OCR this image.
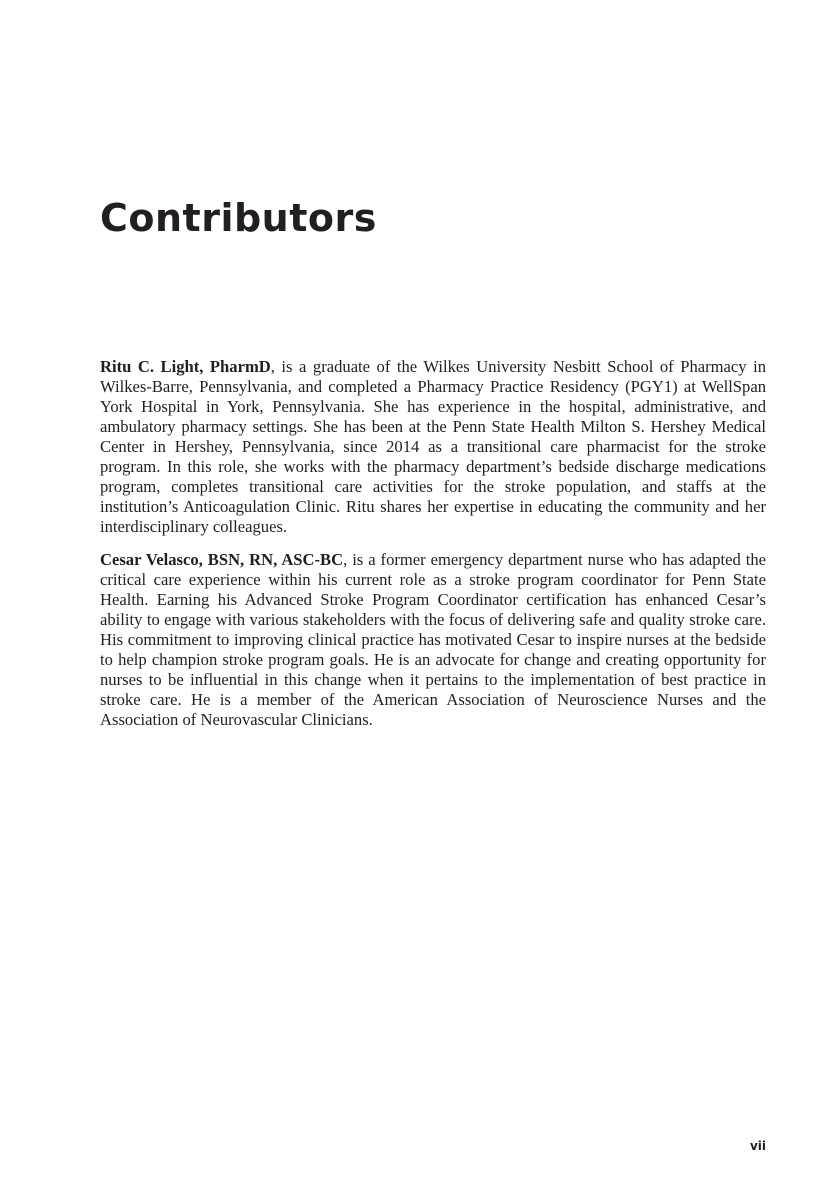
Contributors

Ritu C. Light, PharmD, is a graduate of the Wilkes University Nesbitt School of Pharmacy in Wilkes-Barre, Pennsylvania, and completed a Pharmacy Practice Residency (PGY1) at WellSpan York Hospital in York, Pennsylvania. She has experience in the hospital, administrative, and ambulatory pharmacy settings. She has been at the Penn State Health Milton S. Hershey Medical Center in Hershey, Pennsylvania, since 2014 as a transitional care pharmacist for the stroke program. In this role, she works with the pharmacy department’s bedside discharge medications program, completes transitional care activities for the stroke population, and staffs at the institution’s Anticoagulation Clinic. Ritu shares her expertise in educating the community and her interdisciplinary colleagues.

Cesar Velasco, BSN, RN, ASC-BC, is a former emergency department nurse who has adapted the critical care experience within his current role as a stroke program coordinator for Penn State Health. Earning his Advanced Stroke Program Coordinator certification has enhanced Cesar’s ability to engage with various stakeholders with the focus of delivering safe and quality stroke care. His commitment to improving clinical practice has motivated Cesar to inspire nurses at the bedside to help champion stroke program goals. He is an advocate for change and creating opportunity for nurses to be influential in this change when it pertains to the implementation of best practice in stroke care. He is a member of the American Association of Neuroscience Nurses and the Association of Neurovascular Clinicians.

vii
